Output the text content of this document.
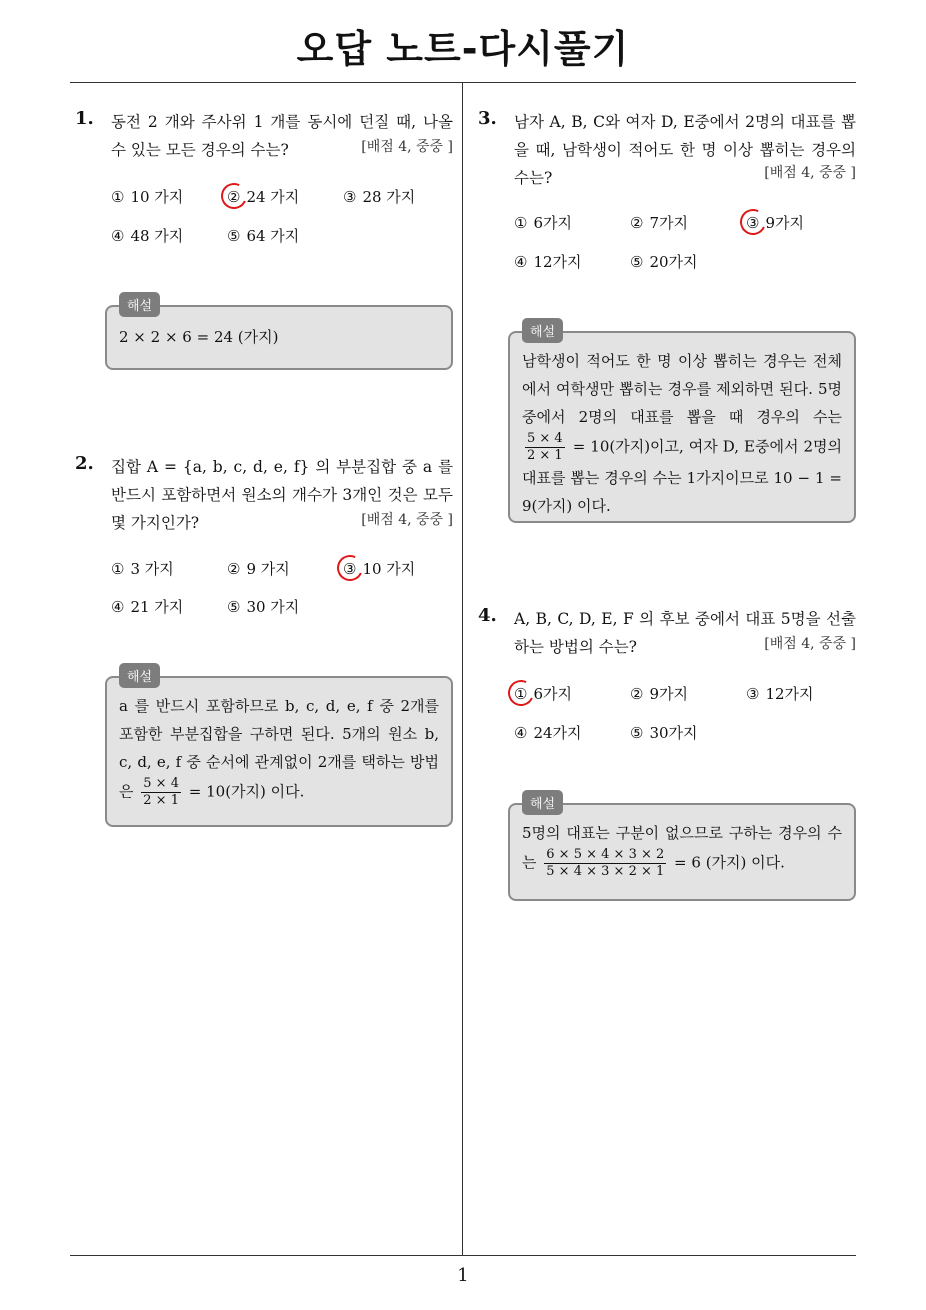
오답 노트-다시풀기
1. 동전 2 개와 주사위 1 개를 동시에 던질 때, 나올 수 있는 모든 경우의 수는?	[배점 4, 중중 ]
① 10 가지	② 24 가지	③ 28 가지
④ 48 가지	⑤ 64 가지
해설
2 × 2 × 6 = 24 (가지)
2. 집합 A = {a, b, c, d, e, f} 의 부분집합 중 a 를 반드시 포함하면서 원소의 개수가 3개인 것은 모두 몇 가지인가?	[배점 4, 중중 ]
① 3 가지	② 9 가지	③ 10 가지
④ 21 가지	⑤ 30 가지
해설
a 를 반드시 포함하므로 b, c, d, e, f 중 2개를 포함한 부분집합을 구하면 된다. 5개의 원소 b, c, d, e, f 중 순서에 관계없이 2개를 택하는 방법은 $\frac{5 \times 4}{2 \times 1} = 10$(가지) 이다.
3. 남자 A, B, C와 여자 D, E중에서 2명의 대표를 뽑을 때, 남학생이 적어도 한 명 이상 뽑히는 경우의 수는?	[배점 4, 중중 ]
① 6가지	② 7가지	③ 9가지
④ 12가지	⑤ 20가지
해설
남학생이 적어도 한 명 이상 뽑히는 경우는 전체에서 여학생만 뽑히는 경우를 제외하면 된다. 5명 중에서 2명의 대표를 뽑을 때 경우의 수는
$\frac{5 \times 4}{2 \times 1} = 10$(가지)이고, 여자 D, E중에서 2명의 대표를 뽑는 경우의 수는 1가지이므로 10 − 1 = 9(가지) 이다.
4. A, B, C, D, E, F 의 후보 중에서 대표 5명을 선출하는 방법의 수는?	[배점 4, 중중 ]
① 6가지	② 9가지	③ 12가지
④ 24가지	⑤ 30가지
해설
5명의 대표는 구분이 없으므로 구하는 경우의 수는 $\frac{6 \times 5 \times 4 \times 3 \times 2}{5 \times 4 \times 3 \times 2 \times 1} = 6$ (가지) 이다.
1
